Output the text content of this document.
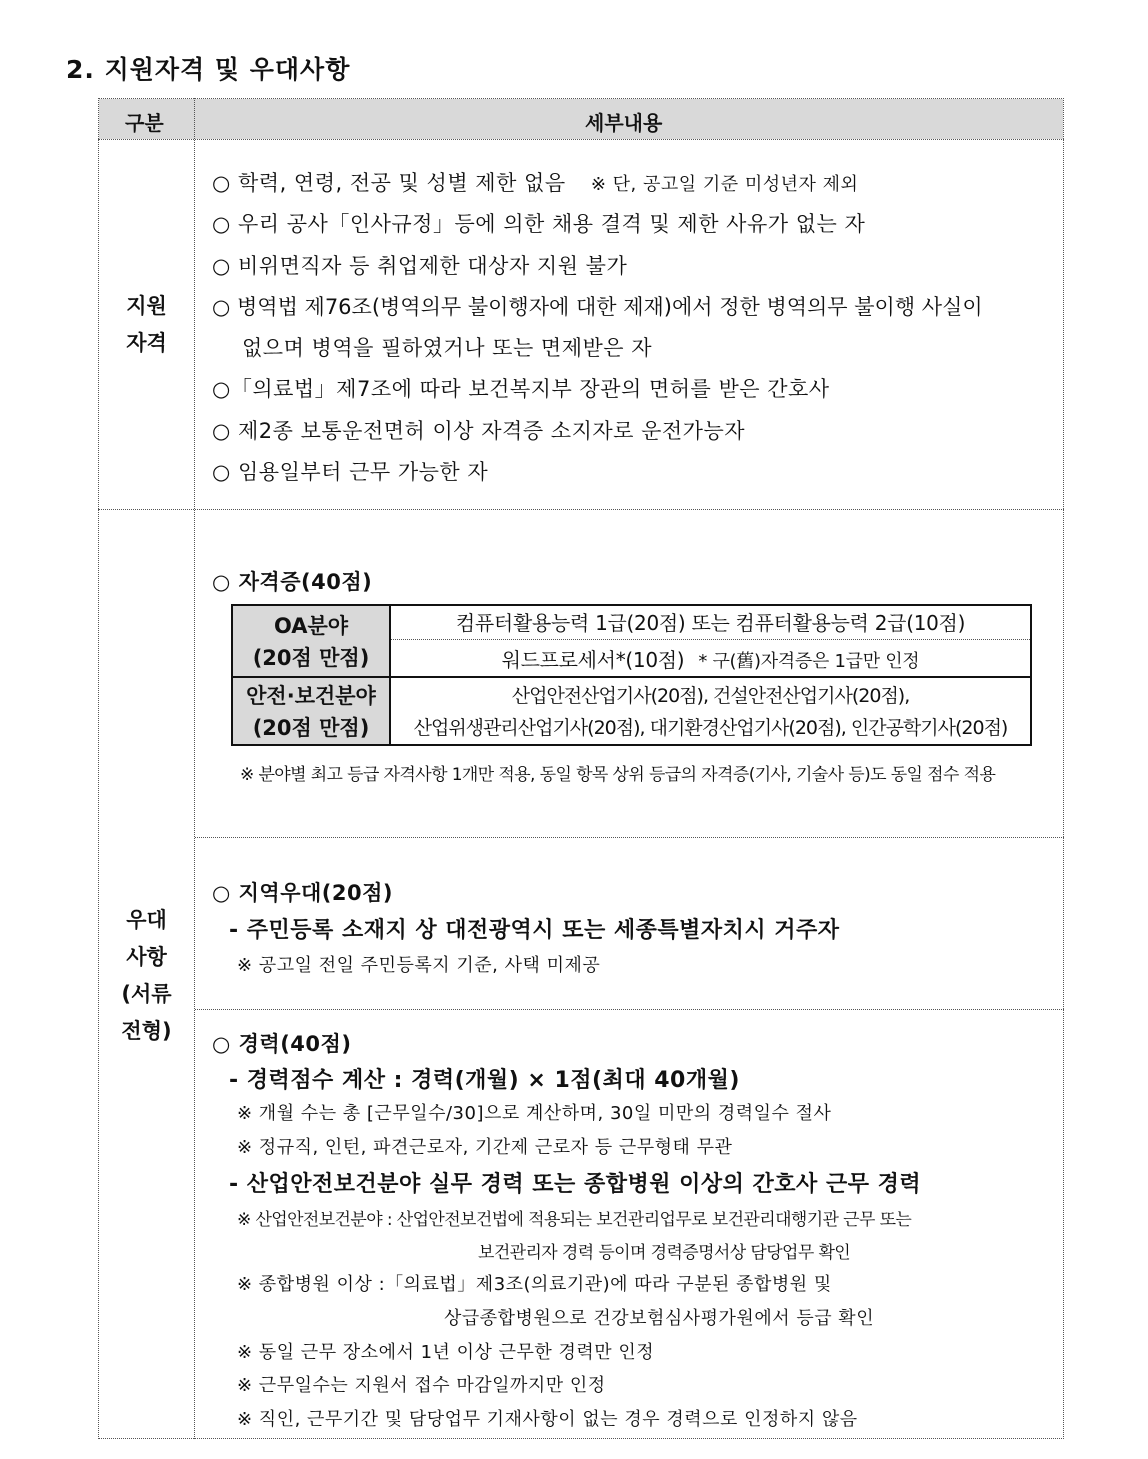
2. 지원자격 및 우대사항
구분	세부내용
지원
자격
○ 학력, 연령, 전공 및 성별 제한 없음 ※ 단, 공고일 기준 미성년자 제외
○ 우리 공사「인사규정」등에 의한 채용 결격 및 제한 사유가 없는 자
○ 비위면직자 등 취업제한 대상자 지원 불가
○ 병역법 제76조(병역의무 불이행자에 대한 제재)에서 정한 병역의무 불이행 사실이
없으며 병역을 필하였거나 또는 면제받은 자
○「의료법」제7조에 따라 보건복지부 장관의 면허를 받은 간호사
○ 제2종 보통운전면허 이상 자격증 소지자로 운전가능자
○ 임용일부터 근무 가능한 자
우대
사항
(서류
전형)
○ 자격증(40점)
OA분야
(20점 만점)
컴퓨터활용능력 1급(20점) 또는 컴퓨터활용능력 2급(10점)
워드프로세서*(10점) * 구(舊)자격증은 1급만 인정
안전·보건분야
(20점 만점)
산업안전산업기사(20점), 건설안전산업기사(20점),
산업위생관리산업기사(20점), 대기환경산업기사(20점), 인간공학기사(20점)
※ 분야별 최고 등급 자격사항 1개만 적용, 동일 항목 상위 등급의 자격증(기사, 기술사 등)도 동일 점수 적용
○ 지역우대(20점)
- 주민등록 소재지 상 대전광역시 또는 세종특별자치시 거주자
※ 공고일 전일 주민등록지 기준, 사택 미제공
○ 경력(40점)
- 경력점수 계산 : 경력(개월) × 1점(최대 40개월)
※ 개월 수는 총 [근무일수/30]으로 계산하며, 30일 미만의 경력일수 절사
※ 정규직, 인턴, 파견근로자, 기간제 근로자 등 근무형태 무관
- 산업안전보건분야 실무 경력 또는 종합병원 이상의 간호사 근무 경력
※ 산업안전보건분야 : 산업안전보건법에 적용되는 보건관리업무로 보건관리대행기관 근무 또는
보건관리자 경력 등이며 경력증명서상 담당업무 확인
※ 종합병원 이상 :「의료법」제3조(의료기관)에 따라 구분된 종합병원 및
상급종합병원으로 건강보험심사평가원에서 등급 확인
※ 동일 근무 장소에서 1년 이상 근무한 경력만 인정
※ 근무일수는 지원서 접수 마감일까지만 인정
※ 직인, 근무기간 및 담당업무 기재사항이 없는 경우 경력으로 인정하지 않음
